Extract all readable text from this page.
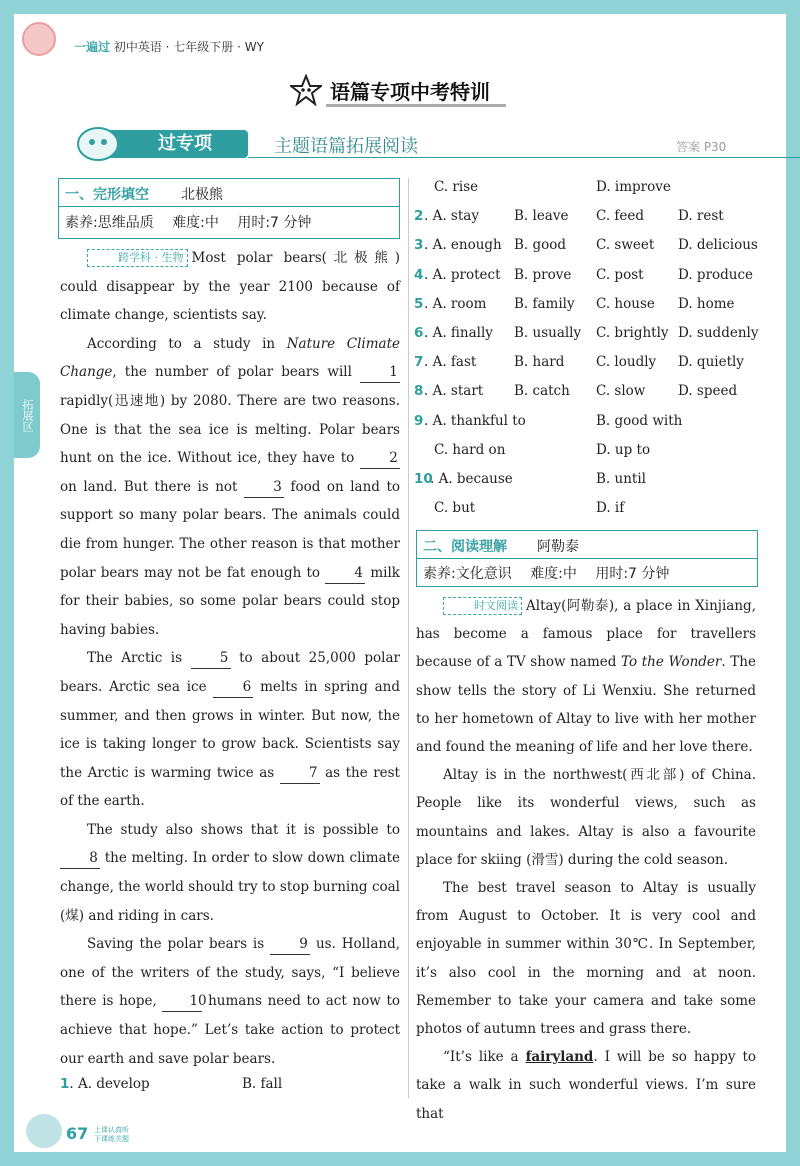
拓展区
一遍过 初中英语 · 七年级下册 · WY
语篇专项中考特训
过专项	主题语篇拓展阅读	答案 P30
一、完形填空 北极熊
素养:思维品质　 难度:中　 用时:7 分钟

跨学科 · 生物 Most polar bears(北极熊) could disappear by the year 2100 because of climate change, scientists say.

According to a study in Nature Climate Change, the number of polar bears will 1 rapidly(迅速地) by 2080. There are two reasons. One is that the sea ice is melting. Polar bears hunt on the ice. Without ice, they have to 2 on land. But there is not 3 food on land to support so many polar bears. The animals could die from hunger. The other reason is that mother polar bears may not be fat enough to 4 milk for their babies, so some polar bears could stop having babies.

The Arctic is 5 to about 25,000 polar bears. Arctic sea ice 6 melts in spring and summer, and then grows in winter. But now, the ice is taking longer to grow back. Scientists say the Arctic is warming twice as 7 as the rest of the earth.

The study also shows that it is possible to 8 the melting. In order to slow down climate change, the world should try to stop burning coal (煤) and riding in cars.

Saving the polar bears is 9 us. Holland, one of the writers of the study, says, “I believe there is hope, 10 humans need to act now to achieve that hope.” Let’s take action to protect our earth and save polar bears.

1. A. develop	B. fall
C. rise	D. improve
2 . A. stay	B. leave C. feed	D. rest
3 . A. enough B. good C. sweet D. delicious
4 . A. protect B. prove C. post	D. produce
5 . A. room B. family C. house D. home
6 . A. finally B. usually C. brightly D. suddenly
7 . A. fast	B. hard C. loudly D. quietly
8 . A. start B. catch C. slow D. speed
9 . A. thankful to	B. good with
C. hard on	D. up to
10
. A. because	B. until
C. but	D. if
二、阅读理解 阿勒泰
素养:文化意识　 难度:中　 用时:7 分钟

时文阅读 Altay(阿勒泰), a place in Xinjiang, has become a famous place for travellers because of a TV show named To the Wonder. The show tells the story of Li Wenxiu. She returned to her hometown of Altay to live with her mother and found the meaning of life and her love there.

Altay is in the northwest(西北部) of China. People like its wonderful views, such as mountains and lakes. Altay is also a favourite place for skiing (滑雪) during the cold season.

The best travel season to Altay is usually from August to October. It is very cool and enjoyable in summer within 30℃. In September, it’s also cool in the morning and at noon. Remember to take your camera and take some photos of autumn trees and grass there.

“It’s like a fairyland. I will be so happy to take a walk in such wonderful views. I’m sure that

67 上课认真听
下课练关题
